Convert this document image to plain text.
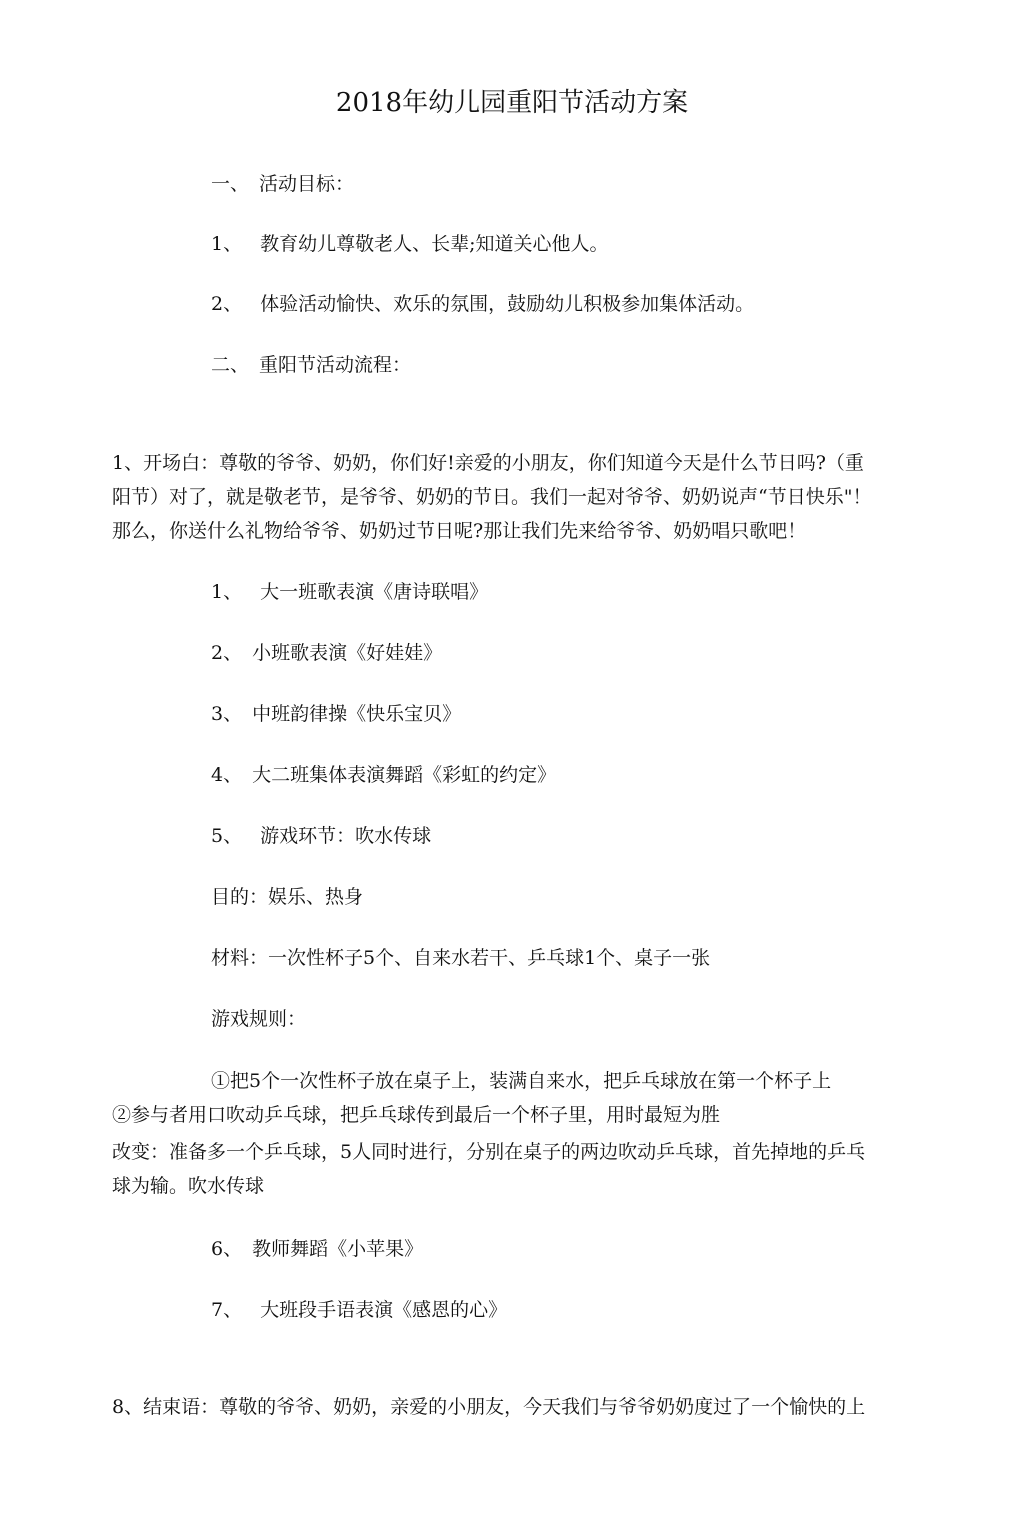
2018年幼儿园重阳节活动方案
一、 活动目标：
1、 教育幼儿尊敬老人、长辈;知道关心他人。
2、 体验活动愉快、欢乐的氛围，鼓励幼儿积极参加集体活动。
二、 重阳节活动流程：
1、开场白：尊敬的爷爷、奶奶，你们好!亲爱的小朋友，你们知道今天是什么节日吗?（重
阳节）对了，就是敬老节，是爷爷、奶奶的节日。我们一起对爷爷、奶奶说声“节日快乐"！
那么，你送什么礼物给爷爷、奶奶过节日呢?那让我们先来给爷爷、奶奶唱只歌吧！
1、 大一班歌表演《唐诗联唱》
2、 小班歌表演《好娃娃》
3、 中班韵律操《快乐宝贝》
4、 大二班集体表演舞蹈《彩虹的约定》
5、 游戏环节：吹水传球
目的：娱乐、热身
材料：一次性杯子5个、自来水若干、乒乓球1个、桌子一张
游戏规则：
①把5个一次性杯子放在桌子上，装满自来水，把乒乓球放在第一个杯子上
②参与者用口吹动乒乓球，把乒乓球传到最后一个杯子里，用时最短为胜
改变：准备多一个乒乓球，5人同时进行，分别在桌子的两边吹动乒乓球，首先掉地的乒乓
球为输。吹水传球
6、 教师舞蹈《小苹果》
7、 大班段手语表演《感恩的心》
8、结束语：尊敬的爷爷、奶奶，亲爱的小朋友，今天我们与爷爷奶奶度过了一个愉快的上
